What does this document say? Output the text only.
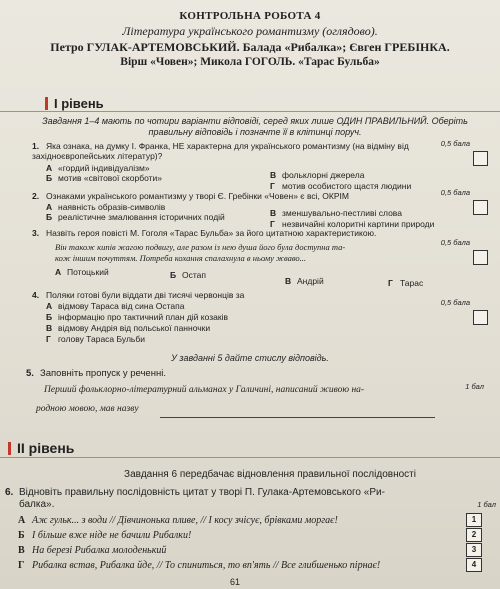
КОНТРОЛЬНА РОБОТА 4
Література українського романтизму (оглядово).
Петро ГУЛАК-АРТЕМОВСЬКИЙ. Балада «Рибалка»; Євген ГРЕБІНКА.
Вірш «Човен»; Микола ГОГОЛЬ. «Тарас Бульба»
І рівень
Завдання 1–4 мають по чотири варіанти відповіді, серед яких лише ОДИН ПРАВИЛЬНИЙ. Оберіть правильну відповідь і позначте її в клітинці поруч.
1. Яка ознака, на думку І. Франка, НЕ характерна для українського романтизму (на відміну від західноєвропейських літератур)?
0,5 бала
А «гордий індивідуалізм»
Б мотив «світової скорботи»	В фольклорні джерела
Г мотив особистого щастя людини
2. Ознаками українського романтизму у творі Є. Гребінки «Човен» є всі, ОКРІМ	0,5 бала
А наявність образів-символів
Б реалістичне змалювання історичних подій	В зменшувально-пестливі слова
Г незвичайні колоритні картини природи
3. Назвіть героя повісті М. Гоголя «Тарас Бульба» за його цитатною характеристикою.
0,5 бала
Він також кипів жагою подвигу, але разом із нею душа його була доступна та-
кож іншим почуттям. Потреба кохання спалахнула в ньому жваво...
А Потоцький	Б Остап
В Андрій	Г Тарас
4. Поляки готові були віддати дві тисячі червонців за
0,5 бала
А відмову Тараса від сина Остапа
Б інформацію про тактичний план дій козаків
В відмову Андрія від польської панночки
Г голову Тараса Бульби
У завданні 5 дайте стислу відповідь.
5. Заповніть пропуск у реченні.
1 бал
Перший фольклорно-літературний альманах у Галичині, написаний живою на-
родною мовою, мав назву
ІІ рівень
Завдання 6 передбачає відновлення правильної послідовності
6. Відновіть правильну послідовність цитат у творі П. Гулака-Артемовського «Ри-
балка».	1 бал
А Аж гульк... з води // Дівчинонька пливе, // І косу зчісує, брівками моргає!
Б І більше вже ніде не бачили Рибалки!
В На березі Рибалка молоденький
Г Рибалка встав, Рибалка йде, // То спиниться, то вп'ять // Все глибшенько пірнає!
1
2
3
4
61
